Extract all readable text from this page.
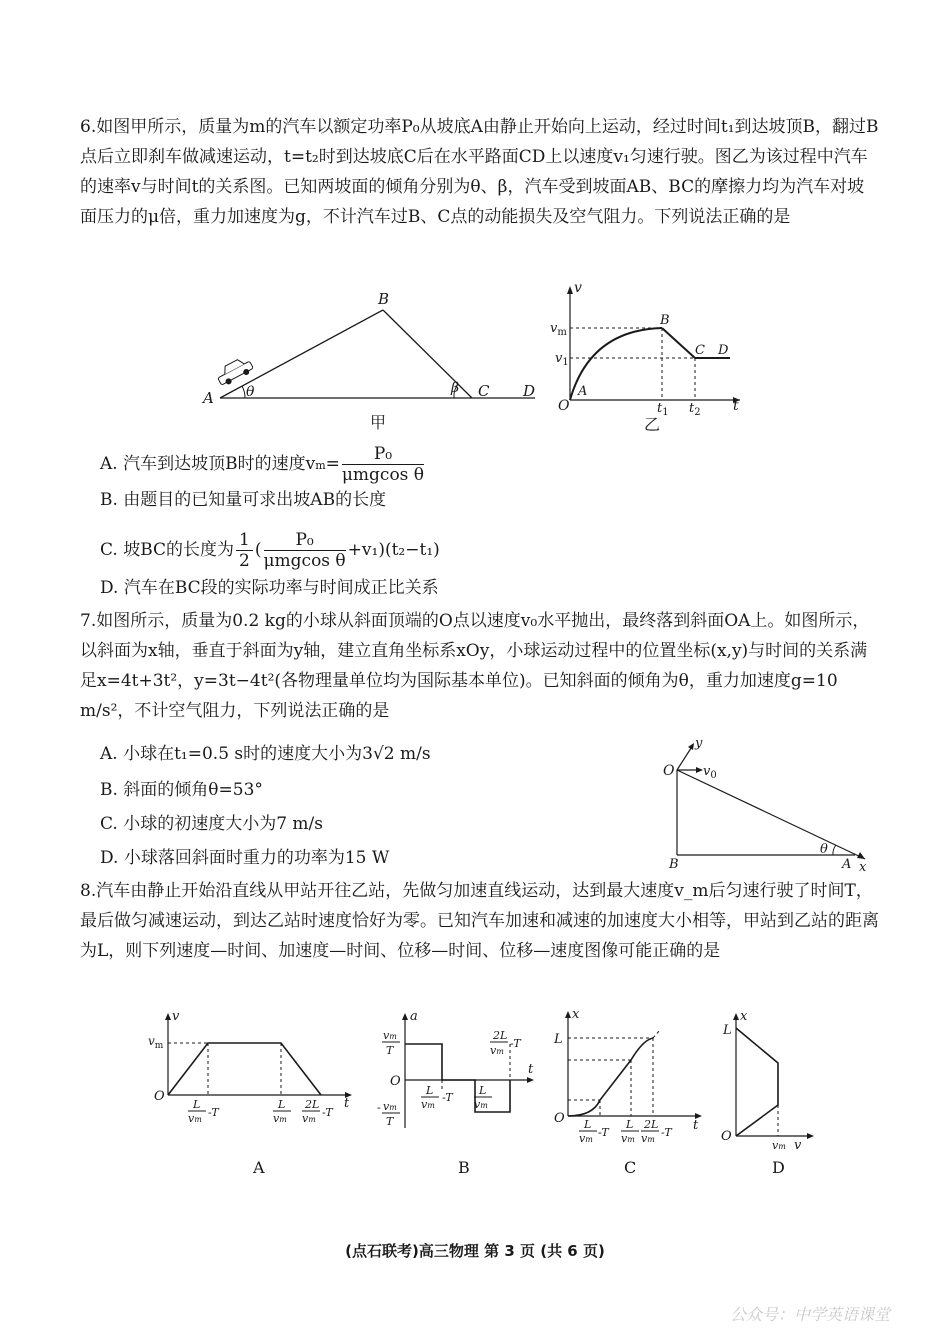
6.如图甲所示，质量为m的汽车以额定功率P₀从坡底A由静止开始向上运动，经过时间t₁到达坡顶B，翻过B点后立即刹车做减速运动，t=t₂时到达坡底C后在水平路面CD上以速度v₁匀速行驶。图乙为该过程中汽车的速率v与时间t的关系图。已知两坡面的倾角分别为θ、β，汽车受到坡面AB、BC的摩擦力均为汽车对坡面压力的μ倍，重力加速度为g，不计汽车过B、C点的动能损失及空气阻力。下列说法正确的是

A θ
B
β C D
甲
v
$v_m$
$v_1$
A
B
C D
O	$t_1$ $t_2$ t
乙
A. 汽车到达坡顶B时的速度$vm= \frac{\text{P₀}}{\text{μmgcos θ}}$
B. 由题目的已知量可求出坡AB的长度
C. 坡BC的长度为 $\frac{1}{2}$ ( $\frac{\text{P₀}}{\text{μmgcos θ}} +v_1)(t_2-t_1)$
D. 汽车在BC段的实际功率与时间成正比关系

7.如图所示，质量为0.2 kg的小球从斜面顶端的O点以速度v₀水平抛出，最终落到斜面OA上。如图所示，以斜面为x轴，垂直于斜面为y轴，建立直角坐标系xOy，小球运动过程中的位置坐标(x,y)与时间的关系满足x=4t+3t²，y=3t−4t²(各物理量单位均为国际基本单位)。已知斜面的倾角为θ，重力加速度g=10 m/s²，不计空气阻力，下列说法正确的是

A. 小球在t₁=0.5 s时的速度大小为3√2 m/s
B. 斜面的倾角θ=53°
C. 小球的初速度大小为7 m/s
D. 小球落回斜面时重力的功率为15 W
O
y
$v_0$
B
θ
A x

8.汽车由静止开始沿直线从甲站开往乙站，先做匀加速直线运动，达到最大速度v_m后匀速行驶了时间T，最后做匀减速运动，到达乙站时速度恰好为零。已知汽车加速和减速的加速度大小相等，甲站到乙站的距离为L，则下列速度—时间、加速度—时间、位移—时间、位移—速度图像可能正确的是

v
$v_m$
O	t
L
vm
-T
L
vm
2L
vm
-T
A
a
vm
T
O
- vm
T
t
L
vm
-T
L
vm
2L
vm
-T
B
x
L
O	t
L
vm
-T
L
vm
2L
vm
-T
C
x
L
O
vm v
D
(点石联考)高三物理 第 3 页 (共 6 页)
公众号：中学英语课堂
